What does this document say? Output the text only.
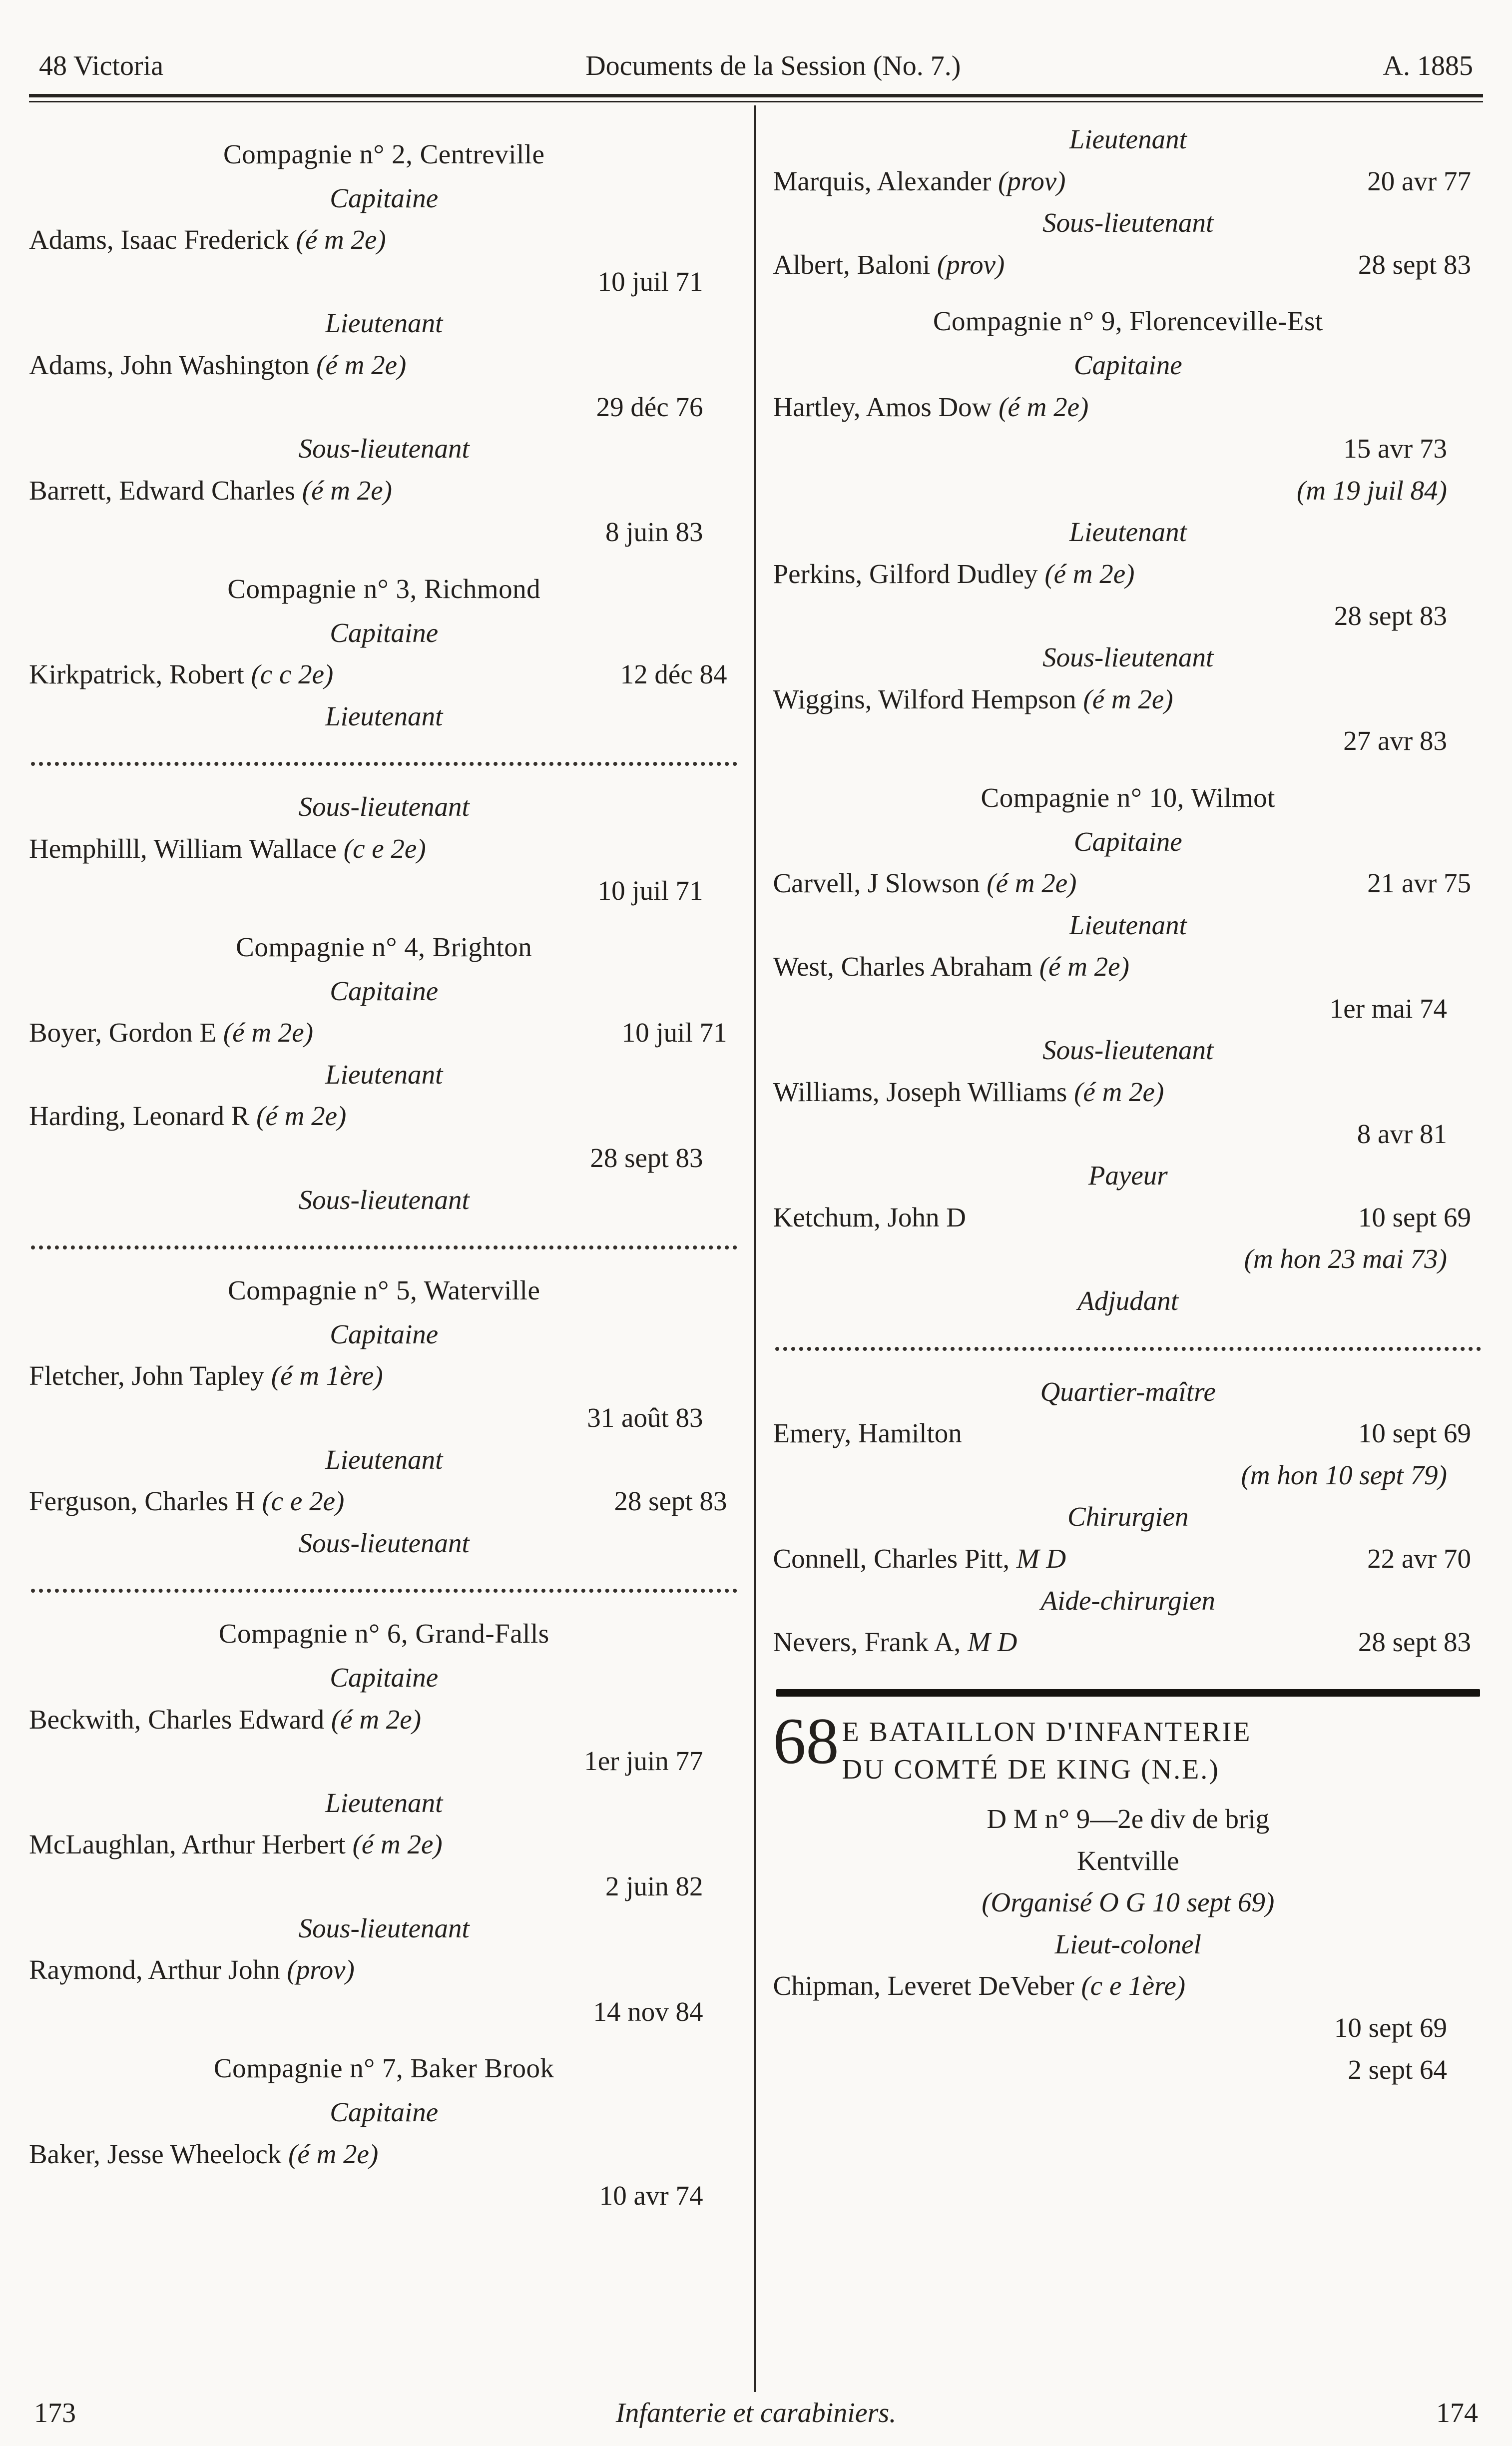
48 Victoria	Documents de la Session (No. 7.)	A. 1885
Compagnie n° 2, Centreville
Capitaine
Adams, Isaac Frederick (é m 2e)
10 juil 71
Lieutenant
Adams, John Washington (é m 2e)
29 déc 76
Sous-lieutenant
Barrett, Edward Charles (é m 2e)
8 juin 83
Compagnie n° 3, Richmond
Capitaine
Kirkpatrick, Robert (c c 2e)	12 déc 84
Lieutenant
Sous-lieutenant
Hemphilll, William Wallace (c e 2e)
10 juil 71
Compagnie n° 4, Brighton
Capitaine
Boyer, Gordon E (é m 2e)	10 juil 71
Lieutenant
Harding, Leonard R (é m 2e)
28 sept 83
Sous-lieutenant
Compagnie n° 5, Waterville
Capitaine
Fletcher, John Tapley (é m 1ère)
31 août 83
Lieutenant
Ferguson, Charles H (c e 2e)	28 sept 83
Sous-lieutenant
Compagnie n° 6, Grand-Falls
Capitaine
Beckwith, Charles Edward (é m 2e)
1er juin 77
Lieutenant
McLaughlan, Arthur Herbert (é m 2e)
2 juin 82
Sous-lieutenant
Raymond, Arthur John (prov)
14 nov 84
Compagnie n° 7, Baker Brook
Capitaine
Baker, Jesse Wheelock (é m 2e)
10 avr 74
Lieutenant
Marquis, Alexander (prov)	20 avr 77
Sous-lieutenant
Albert, Baloni (prov)	28 sept 83
Compagnie n° 9, Florenceville-Est
Capitaine
Hartley, Amos Dow (é m 2e)
15 avr 73
(m 19 juil 84)
Lieutenant
Perkins, Gilford Dudley (é m 2e)
28 sept 83
Sous-lieutenant
Wiggins, Wilford Hempson (é m 2e)
27 avr 83
Compagnie n° 10, Wilmot
Capitaine
Carvell, J Slowson (é m 2e)	21 avr 75
Lieutenant
West, Charles Abraham (é m 2e)
1er mai 74
Sous-lieutenant
Williams, Joseph Williams (é m 2e)
8 avr 81
Payeur
Ketchum, John D	10 sept 69
(m hon 23 mai 73)
Adjudant
Quartier-maître
Emery, Hamilton	10 sept 69
(m hon 10 sept 79)
Chirurgien
Connell, Charles Pitt, M D	22 avr 70
Aide-chirurgien
Nevers, Frank A, M D	28 sept 83
68 E BATAILLON D'INFANTERIE
DU COMTÉ DE KING (N.E.)
D M n° 9—2e div de brig
Kentville
(Organisé O G 10 sept 69)
Lieut-colonel
Chipman, Leveret DeVeber (c e 1ère)
10 sept 69
2 sept 64
173	Infanterie et carabiniers.	174
